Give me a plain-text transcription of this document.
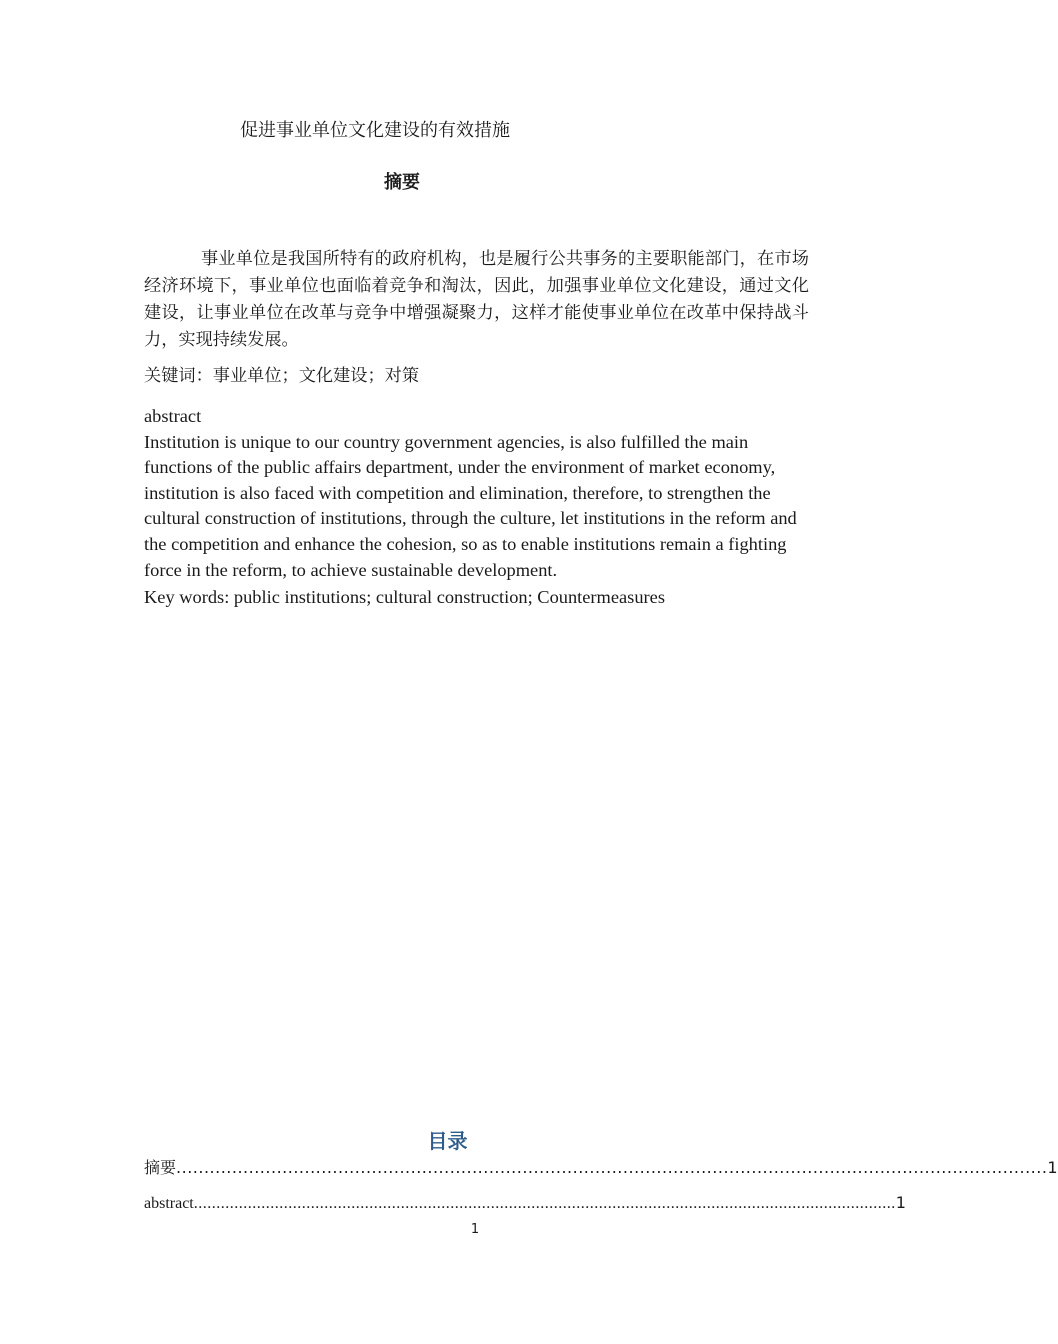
促进事业单位文化建设的有效措施
摘要
事业单位是我国所特有的政府机构，也是履行公共事务的主要职能部门，在市场经济环境下，事业单位也面临着竞争和淘汰，因此，加强事业单位文化建设，通过文化建设，让事业单位在改革与竞争中增强凝聚力，这样才能使事业单位在改革中保持战斗力，实现持续发展。
关键词：事业单位；文化建设；对策

abstract

Institution is unique to our country government agencies, is also fulfilled the main functions of the public affairs department, under the environment of market economy, institution is also faced with competition and elimination, therefore, to strengthen the cultural construction of institutions, through the culture, let institutions in the reform and the competition and enhance the cohesion, so as to enable institutions remain a fighting force in the reform, to achieve sustainable development.

Key words: public institutions; cultural construction; Countermeasures

目录
摘要 ............................................................................................................................................................ 1
abstract ............................................................................................................................................................ 1
1
